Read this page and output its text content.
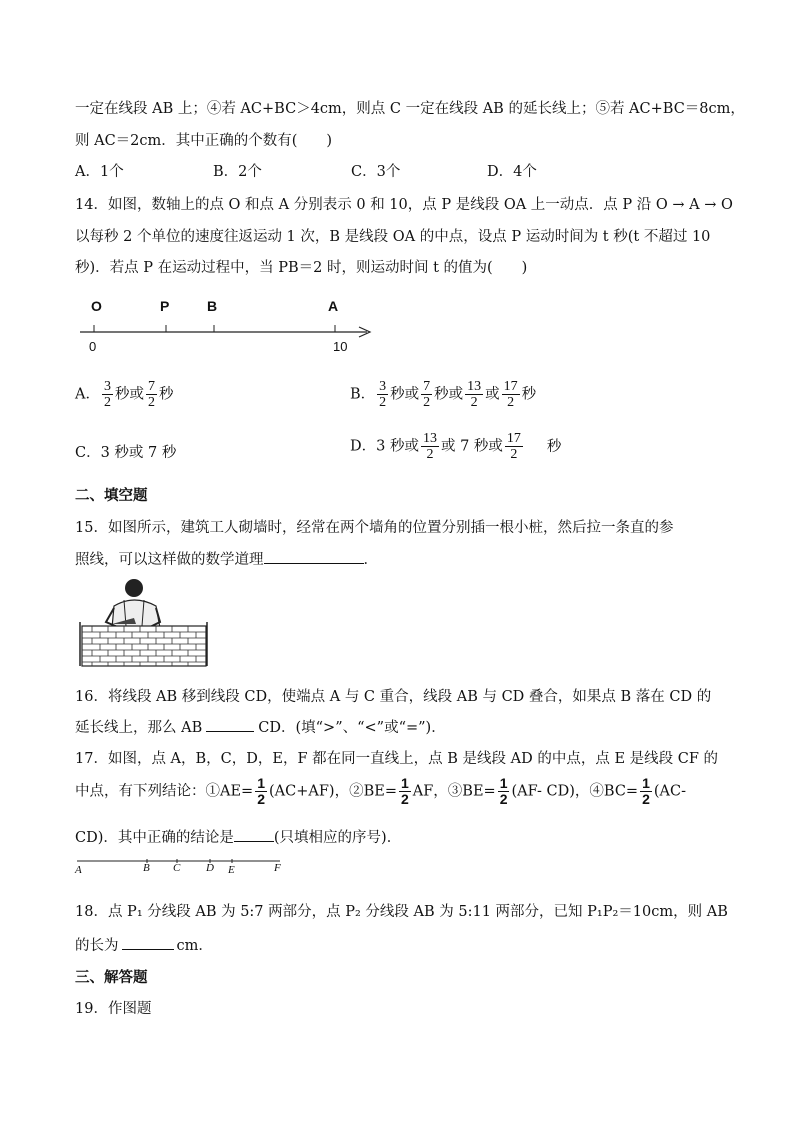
一定在线段 AB 上；④若 AC+BC＞4cm，则点 C 一定在线段 AB 的延长线上；⑤若 AC+BC＝8cm，
则 AC＝2cm．其中正确的个数有(　　)
A．1个	B．2个	C．3个	D．4个
14．如图，数轴上的点 O 和点 A 分别表示 0 和 10，点 P 是线段 OA 上一动点．点 P 沿 O → A → O
以每秒 2 个单位的速度往返运动 1 次，B 是线段 OA 的中点，设点 P 运动时间为 t 秒(t 不超过 10
秒)．若点 P 在运动过程中，当 PB＝2 时，则运动时间 t 的值为(　　)
O	P	B	A
0	10
A． $\frac{3}{2}$ 秒或 $\frac{7}{2}$ 秒	B． $\frac{3}{2}$ 秒或 $\frac{7}{2}$ 秒或 $\frac{13}{2}$ 或 $\frac{17}{2}$ 秒
C．3 秒或 7 秒	D．3 秒或 $\frac{13}{2}$ 或 7 秒或 $\frac{17}{2}$ 秒
二、填空题
15．如图所示，建筑工人砌墙时，经常在两个墙角的位置分别插一根小桩，然后拉一条直的参
照线，可以这样做的数学道理	．
16．将线段 AB 移到线段 CD，使端点 A 与 C 重合，线段 AB 与 CD 叠合，如果点 B 落在 CD 的
延长线上，那么 AB	CD．(填“>”、“<”或“=”)．
17．如图，点 A，B，C，D，E，F 都在同一直线上，点 B 是线段 AD 的中点，点 E 是线段 CF 的
中点，有下列结论：①AE= $\frac{1}{2} (AC+AF)$，②BE= $\frac{1}{2}$ AF，③BE= $\frac{1}{2} (AF-$ CD)，④BC= $\frac{1}{2} (AC-$
CD)．其中正确的结论是	(只填相应的序号)．
A	B C D E	F
18．点 P₁ 分线段 AB 为 5:7 两部分，点 P₂ 分线段 AB 为 5:11 两部分，已知 P₁P₂＝10cm，则 AB
的长为	cm．
三、解答题
19．作图题
